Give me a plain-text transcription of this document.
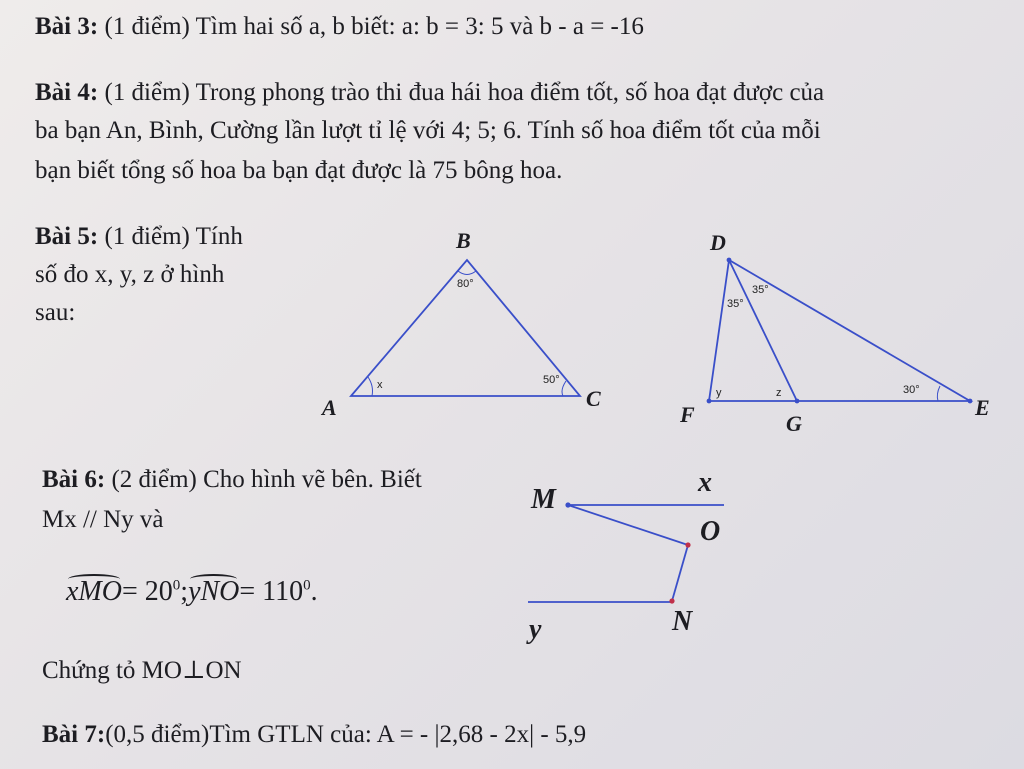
Bài 3: (1 điểm) Tìm hai số a, b biết: a: b = 3: 5 và b - a = -16
Bài 4: (1 điểm) Trong phong trào thi đua hái hoa điểm tốt, số hoa đạt được của
ba bạn An, Bình, Cường lần lượt tỉ lệ với 4; 5; 6. Tính số hoa điểm tốt của mỗi
bạn biết tổng số hoa ba bạn đạt được là 75 bông hoa.
Bài 5: (1 điểm) Tính
số đo x, y, z ở hình
sau:
B
A	C
80°
50°
x
D
F	G
E
35°
35°
30°
y	z
Bài 6: (2 điểm) Cho hình vẽ bên. Biết
Mx // Ny và
$xMO= 20^0;yNO= 110^0$.
Chứng tỏ MO⊥ON
M
x
O
N
y
Bài 7:(0,5 điểm)Tìm GTLN của: A = - |2,68 - 2x| - 5,9
